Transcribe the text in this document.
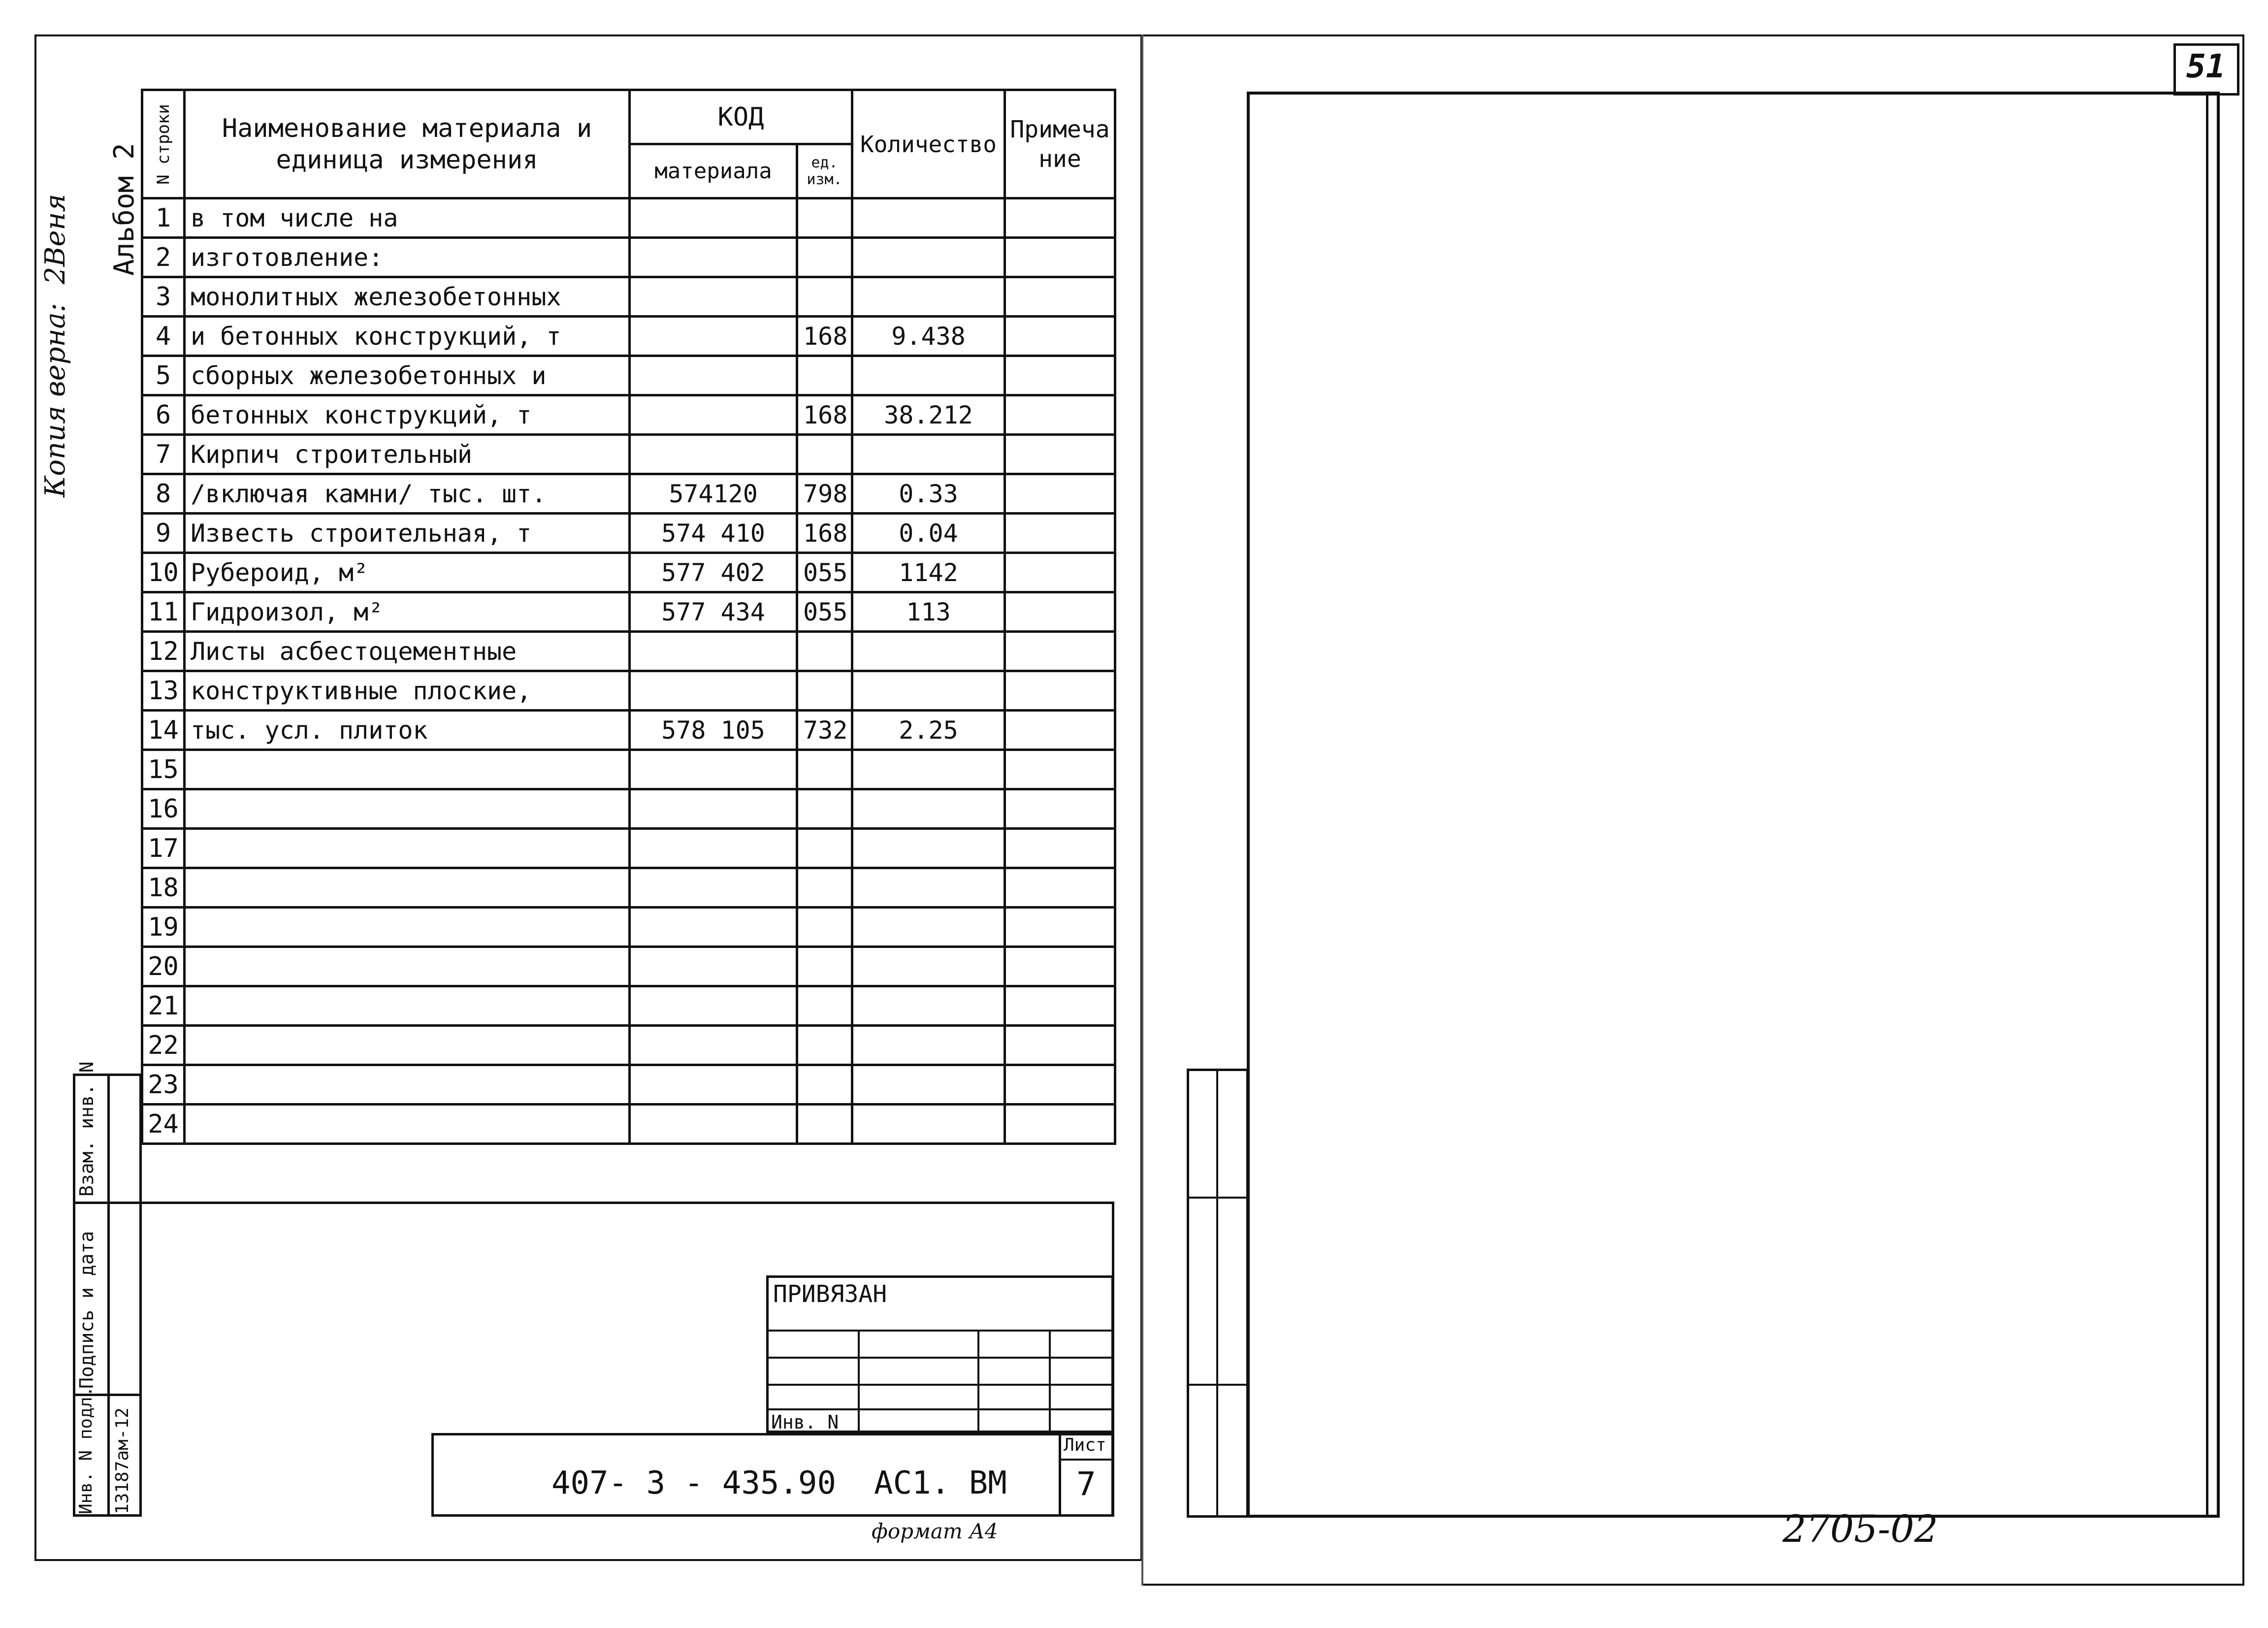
Копия верна: 2Веня Альбом 2 N строки	Наименование материала и единица измерения	КОД		Количество	Примечание
		материала	ед. изм.		
1	в том числе на				
2	изготовление:				
3	монолитных железобетонных				
4	и бетонных конструкций, т		168	9.438	
5	сборных железобетонных и				
6	бетонных конструкций, т		168	38.212	
7	Кирпич строительный				
8	/включая камни/ тыс. шт.	574120	798	0.33	
9	Известь строительная, т	574 410	168	0.04	
10	Рубероид, м²	577 402	055	1142	
11	Гидроизол, м²	577 434	055	113	
12	Листы асбестоцементные				
13	конструктивные плоские,				
14	тыс. усл. плиток	578 105	732	2.25	
15					
16					
17					
18					
19					
20					
21					
22					
23					
24					
Взам. инв. N
Подпись и дата
Инв. N подл. 13187ам-12
ПРИВЯЗАН
Инв. N
407- 3 - 435.90  АС1. ВМ
Лист
7
формат А4
51
2705-02
